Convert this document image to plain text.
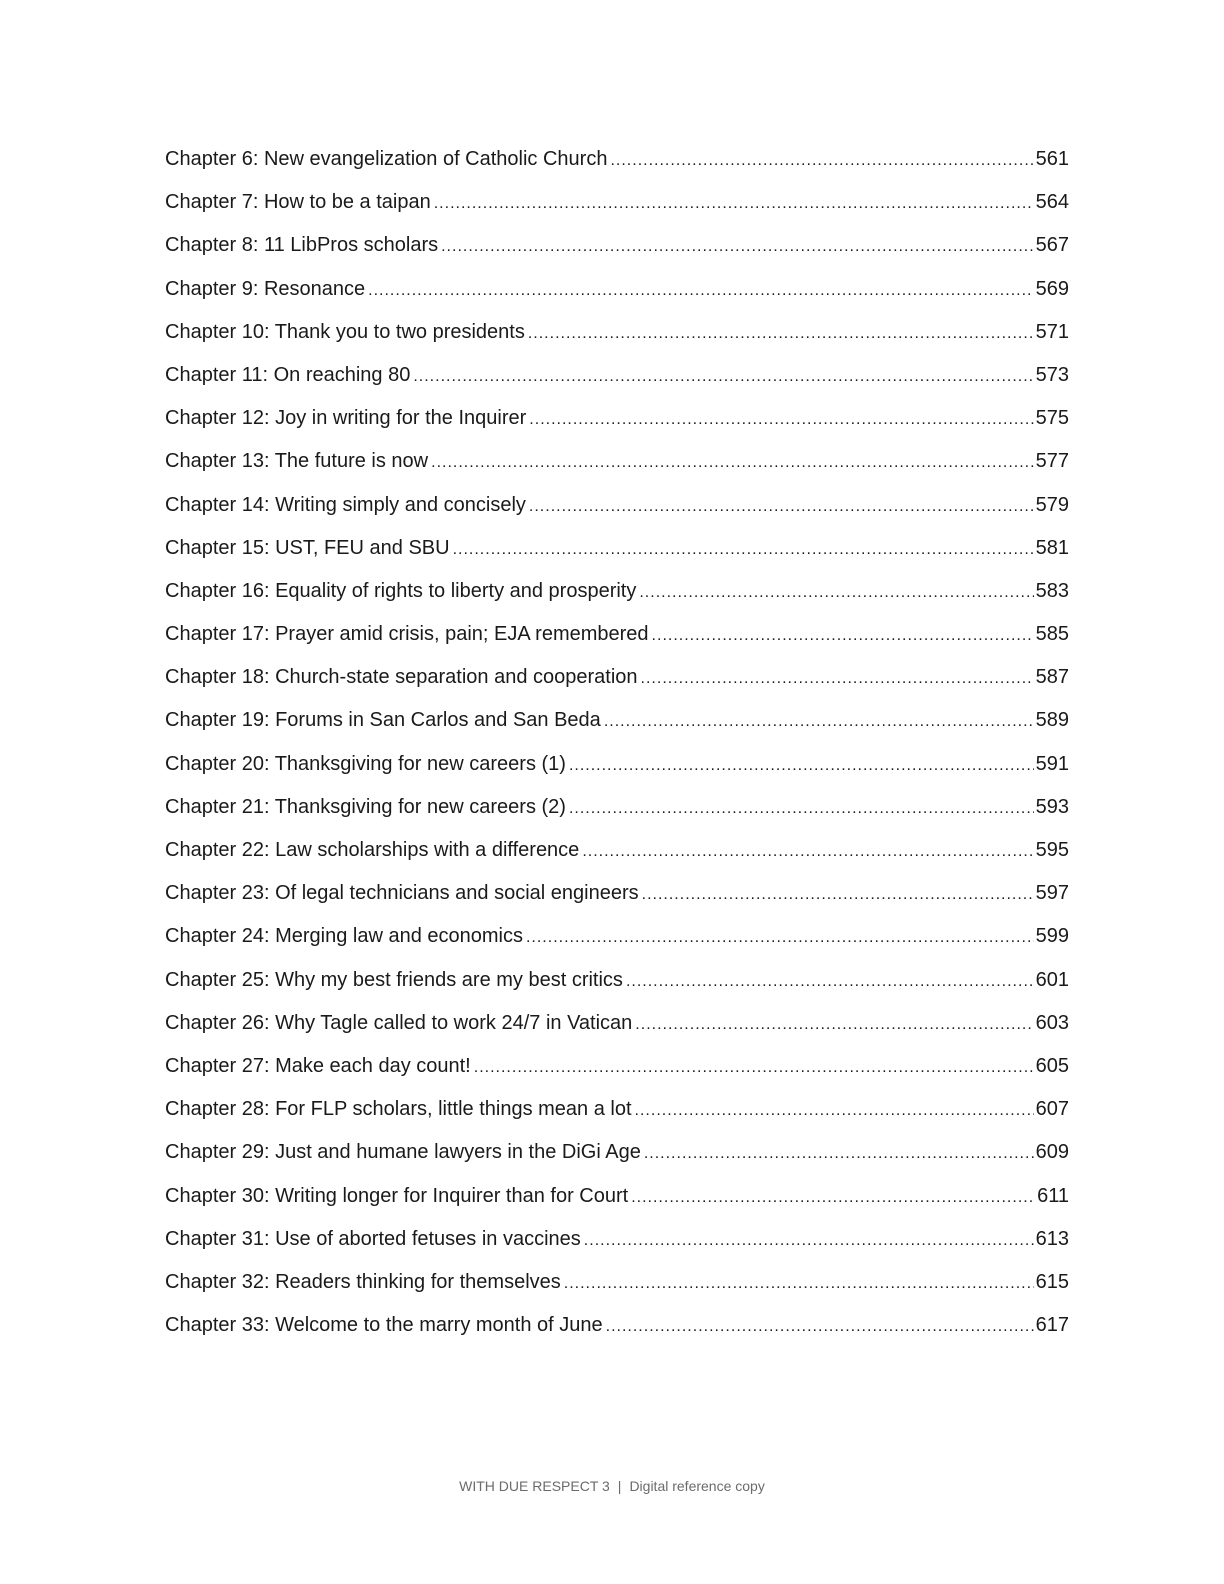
Chapter 6: New evangelization of Catholic Church .....	561
Chapter 7: How to be a taipan .....	564
Chapter 8: 11 LibPros scholars .....	567
Chapter 9: Resonance .....	569
Chapter 10: Thank you to two presidents .....	571
Chapter 11: On reaching 80 .....	573
Chapter 12: Joy in writing for the Inquirer .....	575
Chapter 13: The future is now .....	577
Chapter 14: Writing simply and concisely .....	579
Chapter 15: UST, FEU and SBU .....	581
Chapter 16: Equality of rights to liberty and prosperity .....	583
Chapter 17: Prayer amid crisis, pain; EJA remembered .....	585
Chapter 18: Church-state separation and cooperation .....	587
Chapter 19: Forums in San Carlos and San Beda .....	589
Chapter 20: Thanksgiving for new careers (1) .....	591
Chapter 21: Thanksgiving for new careers (2) .....	593
Chapter 22: Law scholarships with a difference .....	595
Chapter 23: Of legal technicians and social engineers .....	597
Chapter 24: Merging law and economics .....	599
Chapter 25: Why my best friends are my best critics .....	601
Chapter 26: Why Tagle called to work 24/7 in Vatican .....	603
Chapter 27: Make each day count! .....	605
Chapter 28: For FLP scholars, little things mean a lot .....	607
Chapter 29: Just and humane lawyers in the DiGi Age .....	609
Chapter 30: Writing longer for Inquirer than for Court .....	611
Chapter 31: Use of aborted fetuses in vaccines .....	613
Chapter 32: Readers thinking for themselves .....	615
Chapter 33: Welcome to the marry month of June .....	617
WITH DUE RESPECT 3 | Digital reference copy
